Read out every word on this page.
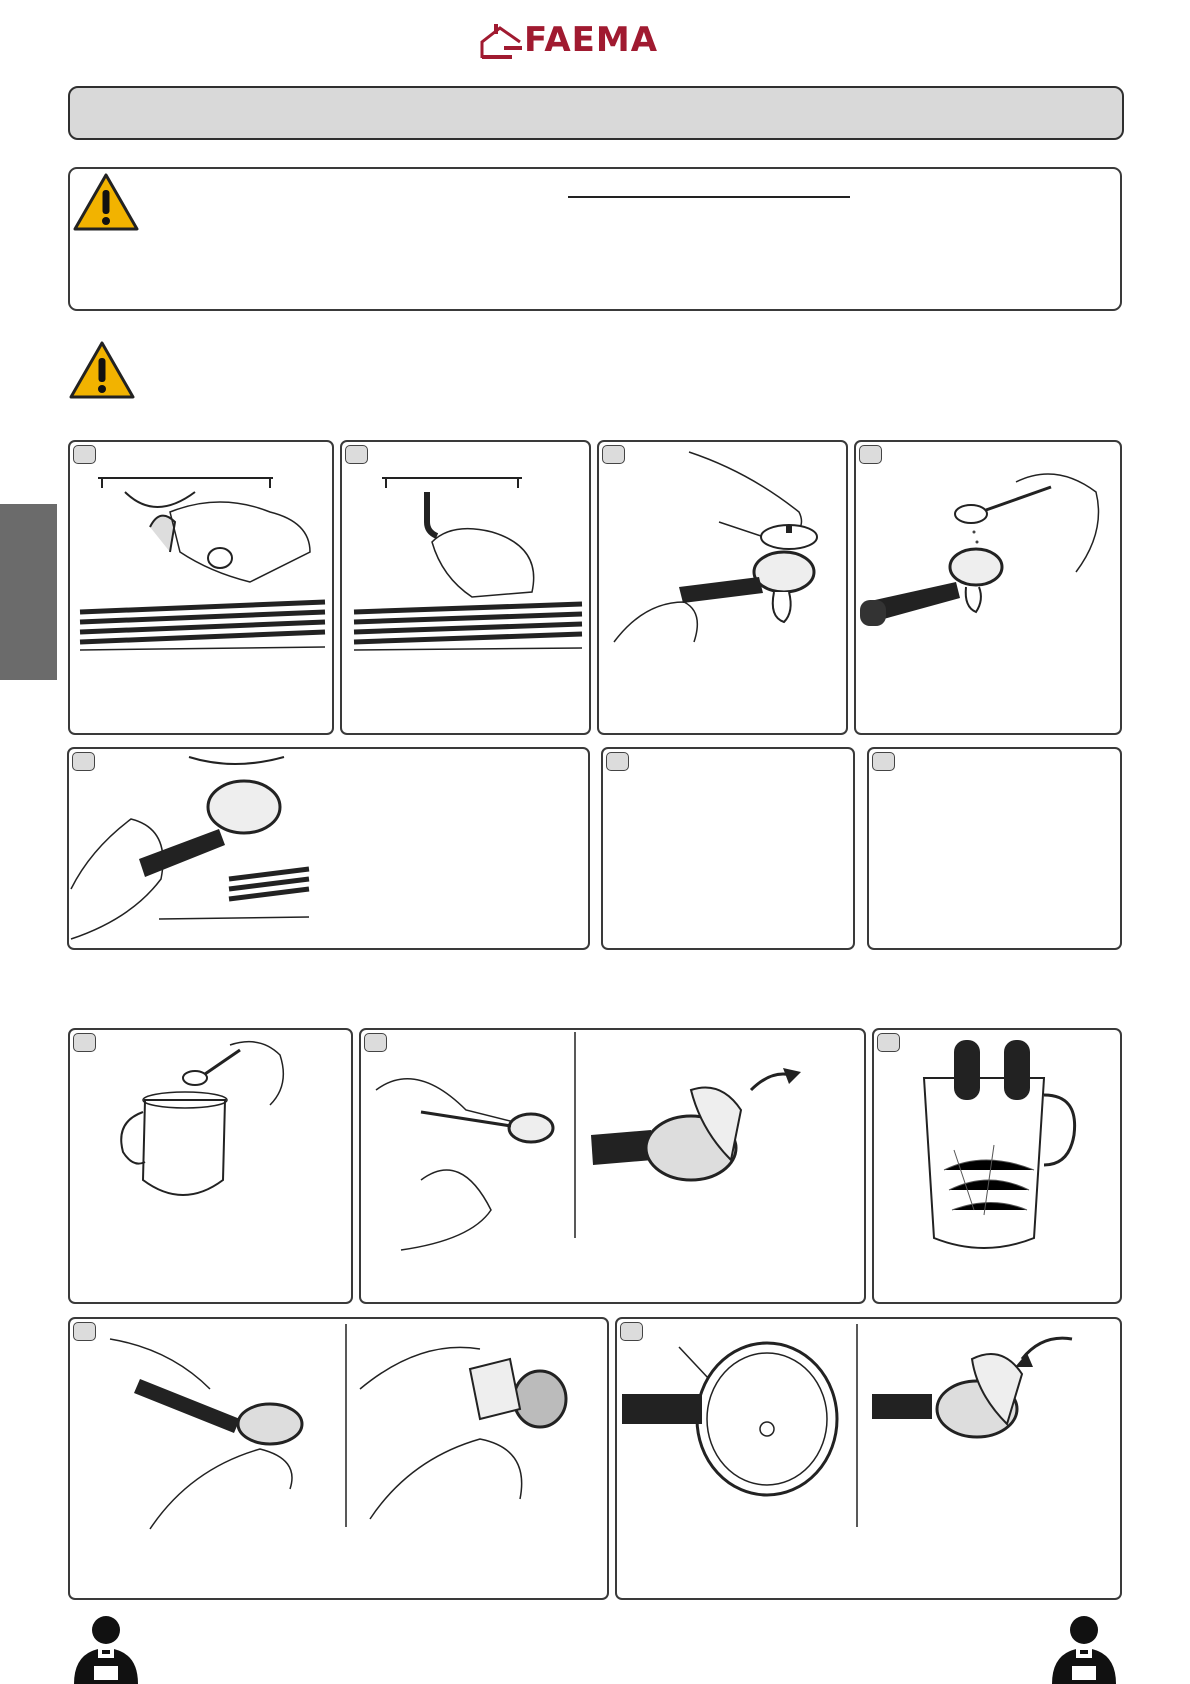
FAEMA
